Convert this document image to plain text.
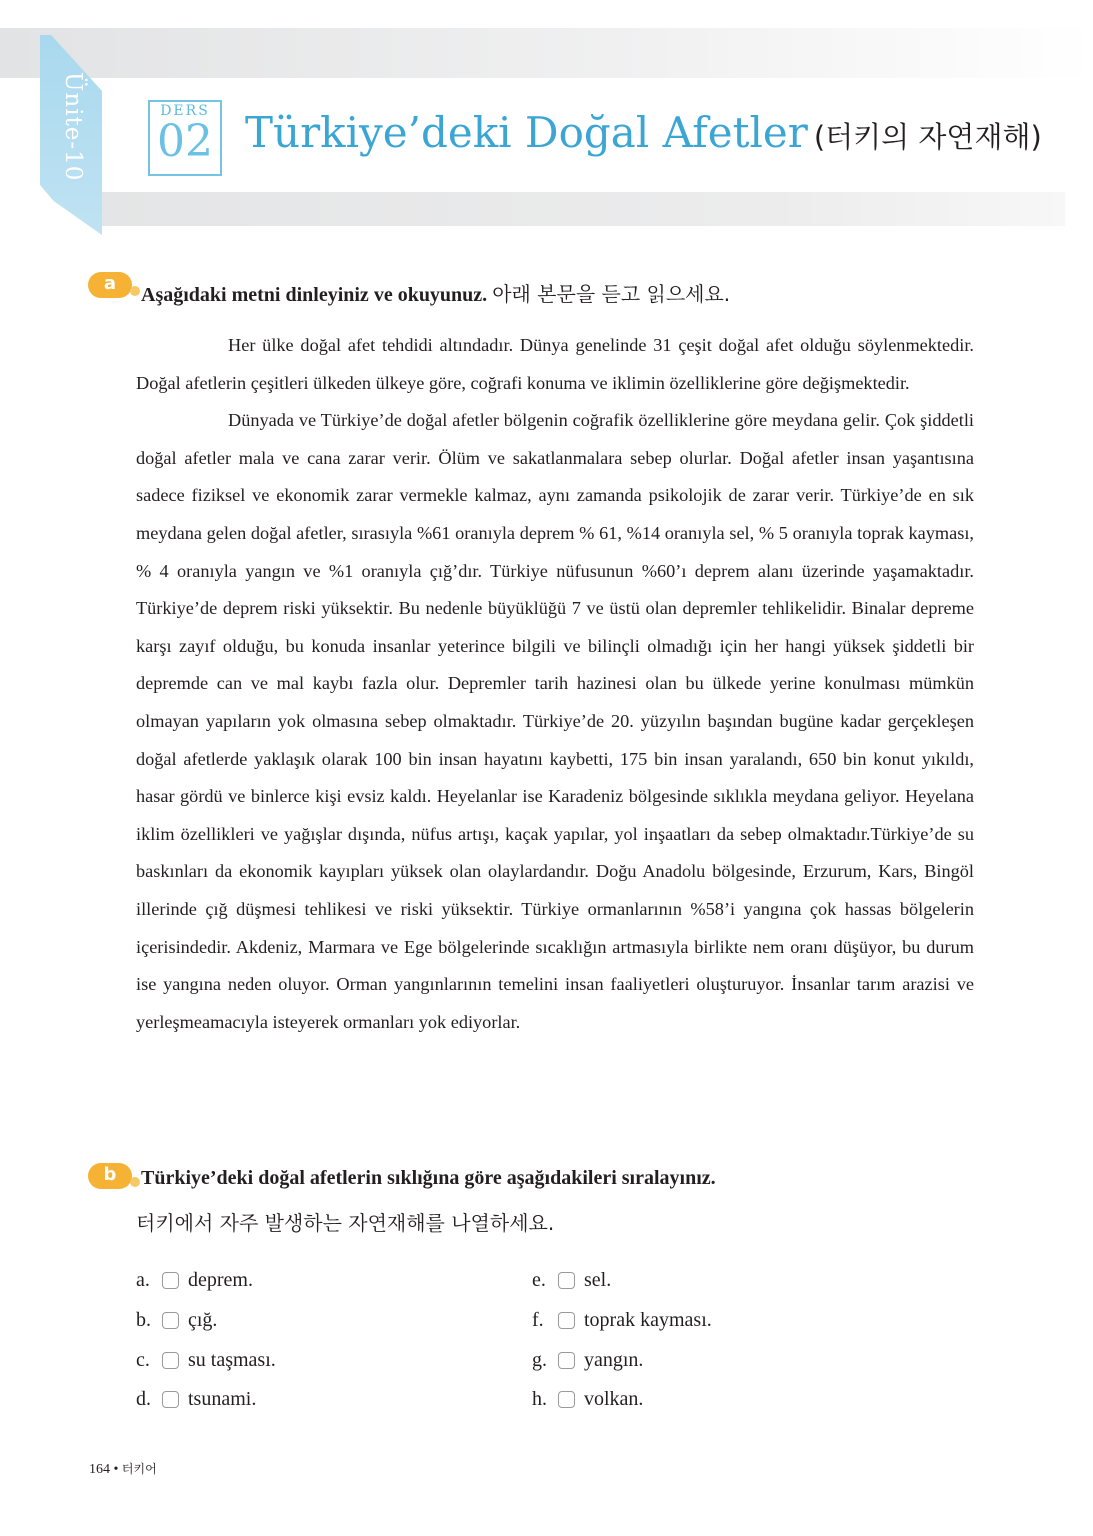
Ünite-10	DERS
02 Türkiye’deki Doğal Afetler (터키의 자연재해)
a
Aşağıdaki metni dinleyiniz ve okuyunuz. 아래 본문을 듣고 읽으세요.

Her ülke doğal afet tehdidi altındadır. Dünya genelinde 31 çeşit doğal afet olduğu söylenmektedir. Doğal afetlerin çeşitleri ülkeden ülkeye göre, coğrafi konuma ve iklimin özelliklerine göre değişmektedir.

Dünyada ve Türkiye’de doğal afetler bölgenin coğrafik özelliklerine göre meydana gelir. Çok şiddetli doğal afetler mala ve cana zarar verir. Ölüm ve sakatlanmalara sebep olurlar. Doğal afetler insan yaşantısına sadece fiziksel ve ekonomik zarar vermekle kalmaz, aynı zamanda psikolojik de zarar verir. Türkiye’de en sık meydana gelen doğal afetler, sırasıyla %61 oranıyla deprem % 61, %14 oranıyla sel, % 5 oranıyla toprak kayması, % 4 oranıyla yangın ve %1 oranıyla çığ’dır. Türkiye nüfusunun %60’ı deprem alanı üzerinde yaşamaktadır. Türkiye’de deprem riski yüksektir. Bu nedenle büyüklüğü 7 ve üstü olan depremler tehlikelidir. Binalar depreme karşı zayıf olduğu, bu konuda insanlar yeterince bilgili ve bilinçli olmadığı için her hangi yüksek şiddetli bir depremde can ve mal kaybı fazla olur. Depremler tarih hazinesi olan bu ülkede yerine konulması mümkün olmayan yapıların yok olmasına sebep olmaktadır. Türkiye’de 20. yüzyılın başından bugüne kadar gerçekleşen doğal afetlerde yaklaşık olarak 100 bin insan hayatını kaybetti, 175 bin insan yaralandı, 650 bin konut yıkıldı, hasar gördü ve binlerce kişi evsiz kaldı. Heyelanlar ise Karadeniz bölgesinde sıklıkla meydana geliyor. Heyelana iklim özellikleri ve yağışlar dışında, nüfus artışı, kaçak yapılar, yol inşaatları da sebep olmaktadır.Türkiye’de su baskınları da ekonomik kayıpları yüksek olan olaylardandır. Doğu Anadolu bölgesinde, Erzurum, Kars, Bingöl illerinde çığ düşmesi tehlikesi ve riski yüksektir. Türkiye ormanlarının %58’i yangına çok hassas bölgelerin içerisindedir. Akdeniz, Marmara ve Ege bölgelerinde sıcaklığın artmasıyla birlikte nem oranı düşüyor, bu durum ise yangına neden oluyor. Orman yangınlarının temelini insan faaliyetleri oluşturuyor. İnsanlar tarım arazisi ve yerleşmeamacıyla isteyerek ormanları yok ediyorlar.

b	Türkiye’deki doğal afetlerin sıklığına göre aşağıdakileri sıralayınız.
터키에서 자주 발생하는 자연재해를 나열하세요.
a.	deprem.
b.	çığ.
c.	su taşması.
d.	tsunami.
e.	sel.
f.	toprak kayması.
g.	yangın.
h.	volkan.
164 • 터키어
